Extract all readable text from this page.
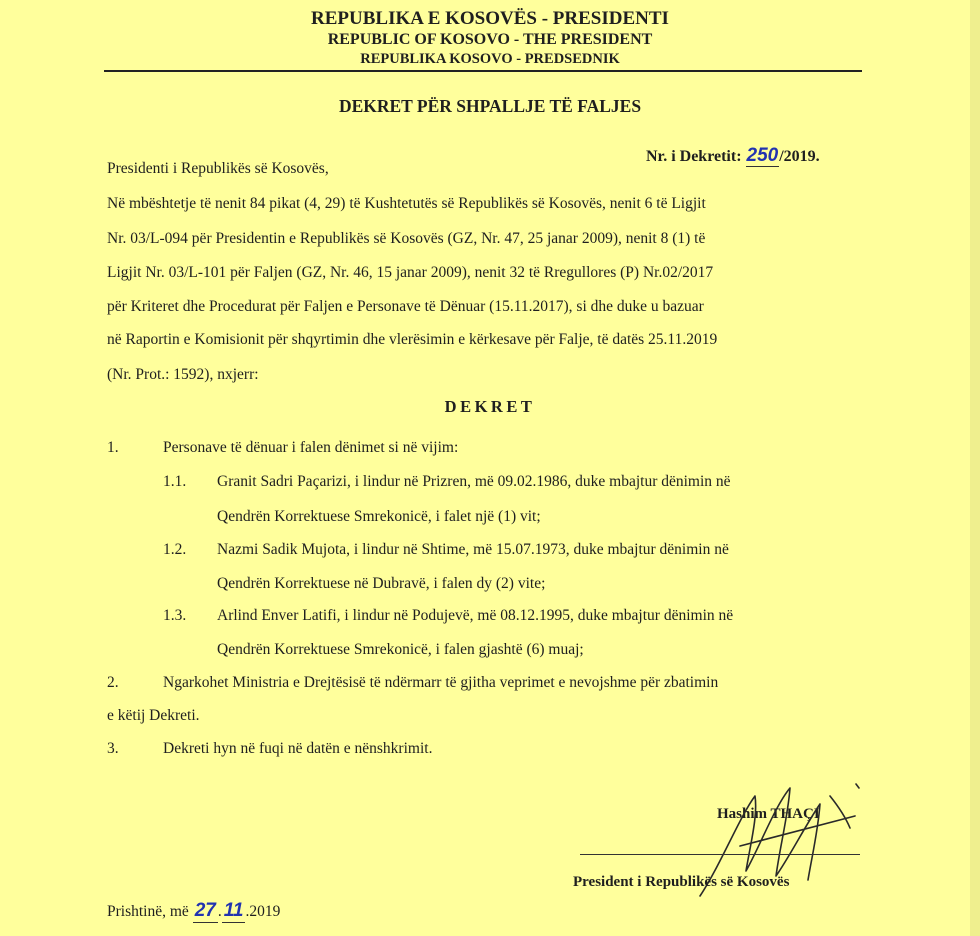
REPUBLIKA E KOSOVËS - PRESIDENTI
REPUBLIC OF KOSOVO - THE PRESIDENT
REPUBLIKA KOSOVO - PREDSEDNIK
DEKRET PËR SHPALLJE TË FALJES
Nr. i Dekretit: 250/2019.
Presidenti i Republikës së Kosovës,
Në mbështetje të nenit 84 pikat (4, 29) të Kushtetutës së Republikës së Kosovës, nenit 6 të Ligjit
Nr. 03/L-094 për Presidentin e Republikës së Kosovës (GZ, Nr. 47, 25 janar 2009), nenit 8 (1) të
Ligjit Nr. 03/L-101 për Faljen (GZ, Nr. 46, 15 janar 2009), nenit 32 të Rregullores (P) Nr.02/2017
për Kriteret dhe Procedurat për Faljen e Personave të Dënuar (15.11.2017), si dhe duke u bazuar
në Raportin e Komisionit për shqyrtimin dhe vlerësimin e kërkesave për Falje, të datës 25.11.2019
(Nr. Prot.: 1592), nxjerr:
DEKRET
1.	Personave të dënuar i falen dënimet si në vijim:
1.1. Granit Sadri Paçarizi, i lindur në Prizren, më 09.02.1986, duke mbajtur dënimin në
Qendrën Korrektuese Smrekonicë, i falet një (1) vit;
1.2. Nazmi Sadik Mujota, i lindur në Shtime, më 15.07.1973, duke mbajtur dënimin në
Qendrën Korrektuese në Dubravë, i falen dy (2) vite;
1.3. Arlind Enver Latifi, i lindur në Podujevë, më 08.12.1995, duke mbajtur dënimin në
Qendrën Korrektuese Smrekonicë, i falen gjashtë (6) muaj;
2.	Ngarkohet Ministria e Drejtësisë të ndërmarr të gjitha veprimet e nevojshme për zbatimin
e këtij Dekreti.
3.	Dekreti hyn në fuqi në datën e nënshkrimit.
Hashim THAÇI
President i Republikës së Kosovës
Prishtinë, më 27 . 11 .2019
